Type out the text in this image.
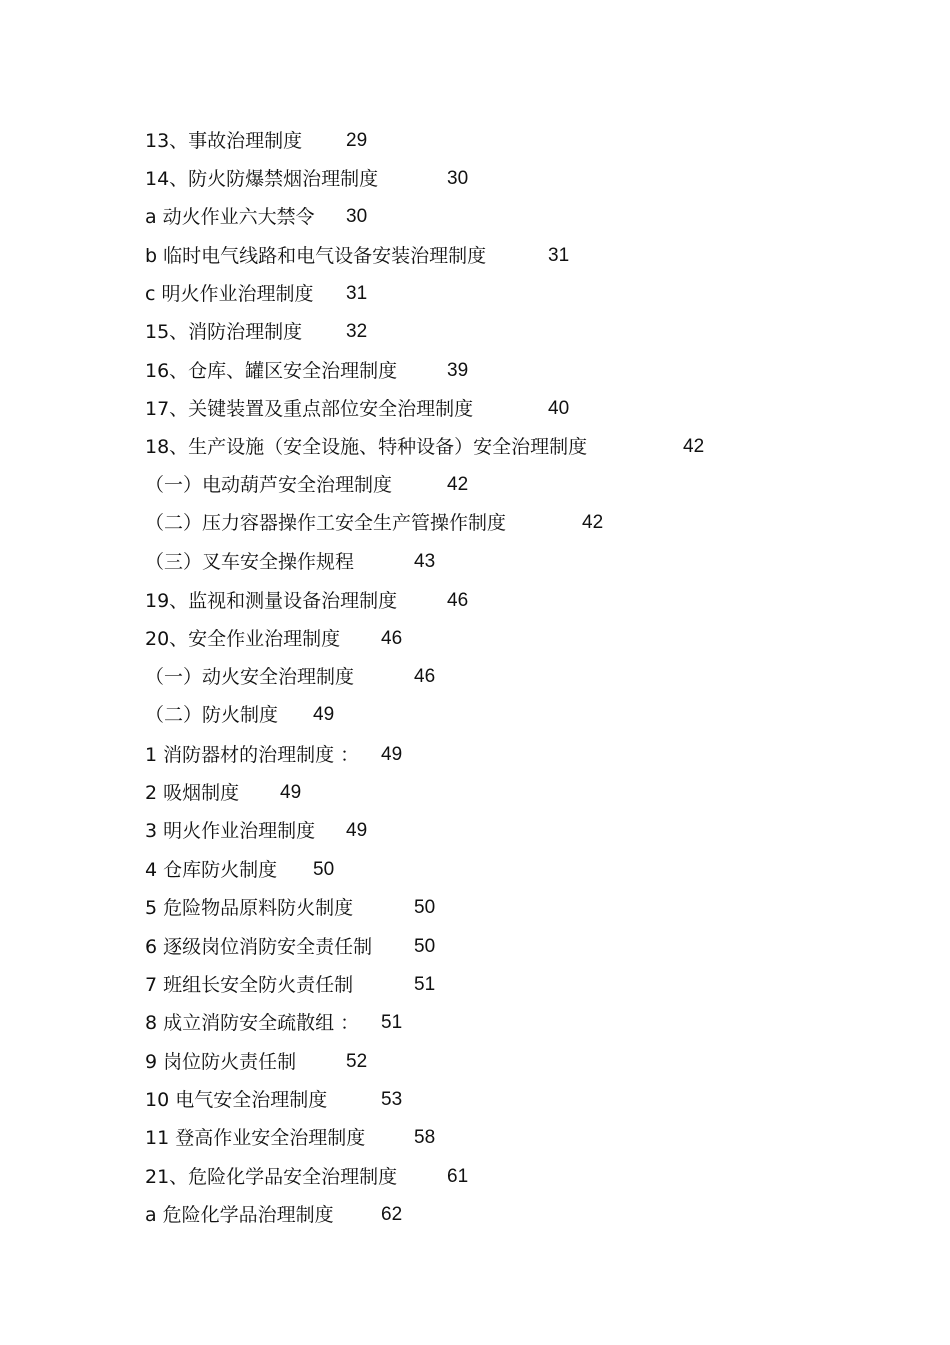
13、事故治理制度 29
14、防火防爆禁烟治理制度	30
a 动火作业六大禁令 30
b 临时电气线路和电气设备安装治理制度	31
c 明火作业治理制度 31
15、消防治理制度 32
16、仓库、罐区安全治理制度	39
17、关键装置及重点部位安全治理制度	40
18、生产设施（安全设施、特种设备）安全治理制度	42
（一）电动葫芦安全治理制度	42
（二）压力容器操作工安全生产管操作制度	42
（三）叉车安全操作规程	43
19、监视和测量设备治理制度	46
20、安全作业治理制度 46
（一）动火安全治理制度	46
（二）防火制度 49
1 消防器材的治理制度 ： 49
2 吸烟制度 49
3 明火作业治理制度 49
4 仓库防火制度 50
5 危险物品原料防火制度	50
6 逐级岗位消防安全责任制 50
7 班组长安全防火责任制	51
8 成立消防安全疏散组 ： 51
9 岗位防火责任制	52
10 电气安全治理制度	53
11 登高作业安全治理制度	58
21、危险化学品安全治理制度	61
a 危险化学品治理制度 62
